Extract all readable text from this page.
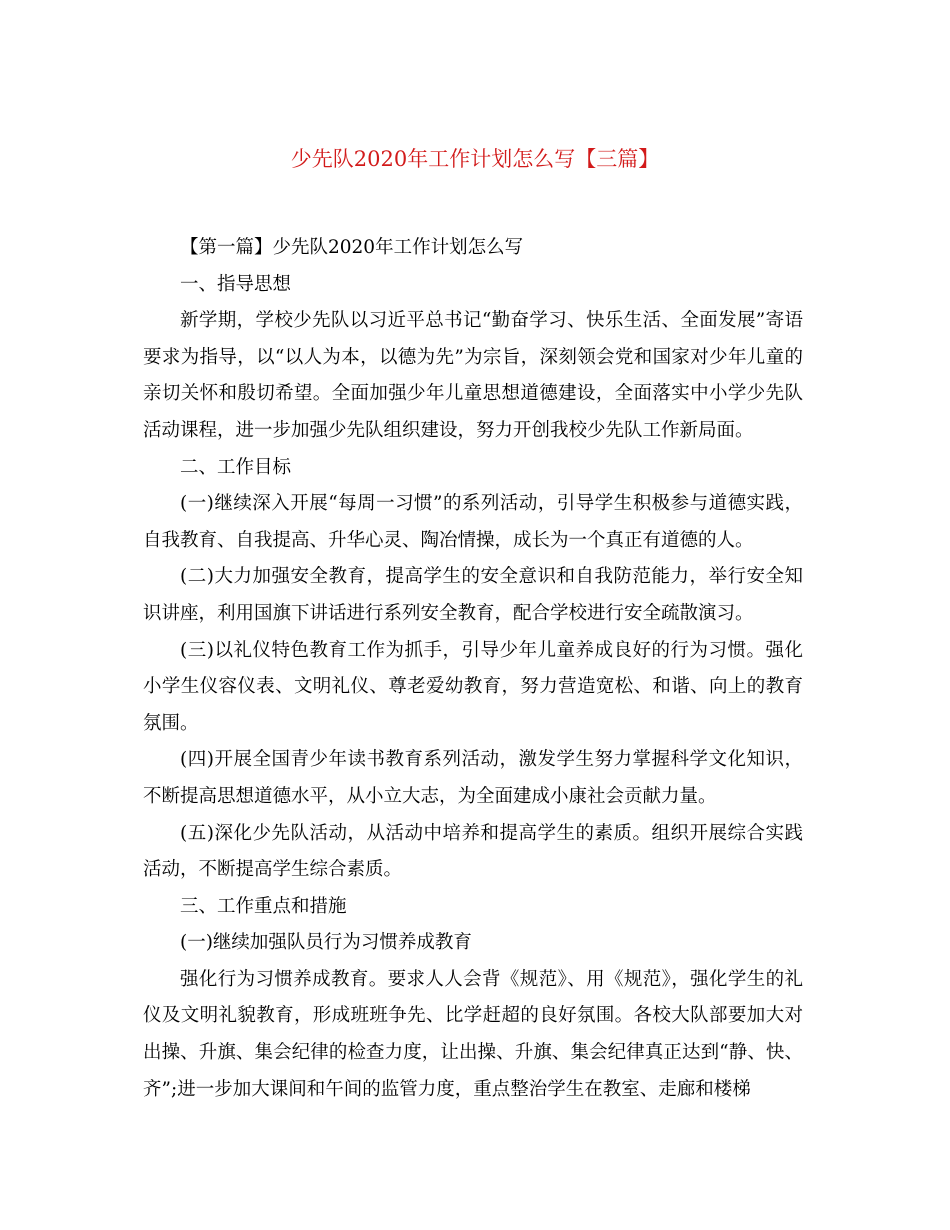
少先队2020年工作计划怎么写【三篇】

【第一篇】少先队2020年工作计划怎么写

一、指导思想

新学期，学校少先队以习近平总书记“勤奋学习、快乐生活、全面发展”寄语要求为指导，以“以人为本，以德为先”为宗旨，深刻领会党和国家对少年儿童的亲切关怀和殷切希望。全面加强少年儿童思想道德建设，全面落实中小学少先队活动课程，进一步加强少先队组织建设，努力开创我校少先队工作新局面。

二、工作目标

(一)继续深入开展“每周一习惯”的系列活动，引导学生积极参与道德实践，自我教育、自我提高、升华心灵、陶冶情操，成长为一个真正有道德的人。

(二)大力加强安全教育，提高学生的安全意识和自我防范能力，举行安全知识讲座，利用国旗下讲话进行系列安全教育，配合学校进行安全疏散演习。

(三)以礼仪特色教育工作为抓手，引导少年儿童养成良好的行为习惯。强化小学生仪容仪表、文明礼仪、尊老爱幼教育，努力营造宽松、和谐、向上的教育氛围。

(四)开展全国青少年读书教育系列活动，激发学生努力掌握科学文化知识，不断提高思想道德水平，从小立大志，为全面建成小康社会贡献力量。

(五)深化少先队活动，从活动中培养和提高学生的素质。组织开展综合实践活动，不断提高学生综合素质。

三、工作重点和措施

(一)继续加强队员行为习惯养成教育

强化行为习惯养成教育。要求人人会背《规范》、用《规范》，强化学生的礼仪及文明礼貌教育，形成班班争先、比学赶超的良好氛围。各校大队部要加大对出操、升旗、集会纪律的检查力度，让出操、升旗、集会纪律真正达到“静、快、齐”;进一步加大课间和午间的监管力度，重点整治学生在教室、走廊和楼梯
